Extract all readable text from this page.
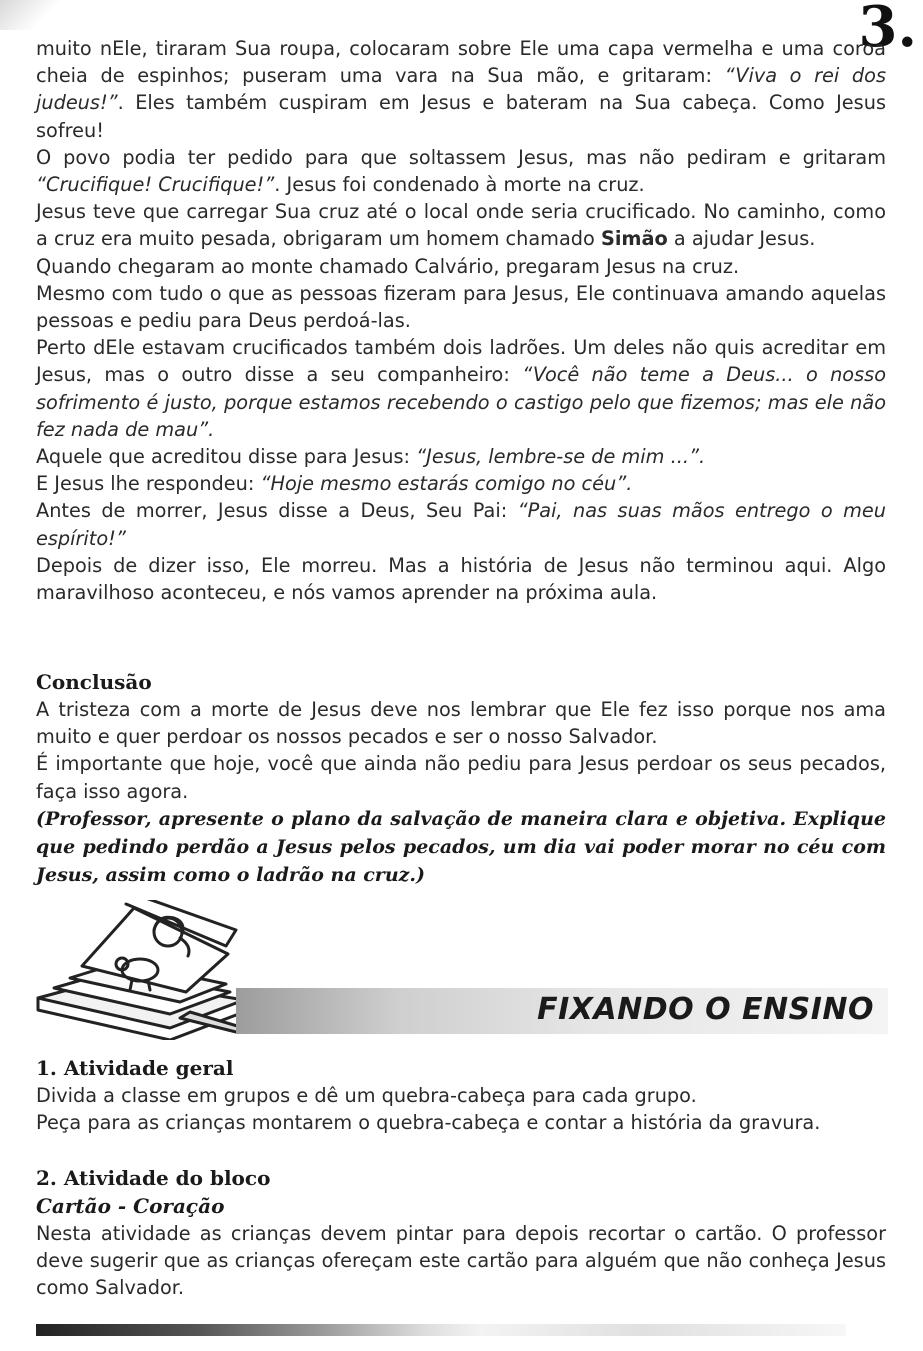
3.

muito nEle, tiraram Sua roupa, colocaram sobre Ele uma capa vermelha e uma coroa cheia de espinhos; puseram uma vara na Sua mão, e gritaram: “Viva o rei dos judeus!”. Eles também cuspiram em Jesus e bateram na Sua cabeça. Como Jesus sofreu!

O povo podia ter pedido para que soltassem Jesus, mas não pediram e gritaram “Crucifique! Crucifique!”. Jesus foi condenado à morte na cruz.

Jesus teve que carregar Sua cruz até o local onde seria crucificado. No caminho, como a cruz era muito pesada, obrigaram um homem chamado Simão a ajudar Jesus.

Quando chegaram ao monte chamado Calvário, pregaram Jesus na cruz.

Mesmo com tudo o que as pessoas fizeram para Jesus, Ele continuava amando aquelas pessoas e pediu para Deus perdoá-las.

Perto dEle estavam crucificados também dois ladrões. Um deles não quis acreditar em Jesus, mas o outro disse a seu companheiro: “Você não teme a Deus... o nosso sofrimento é justo, porque estamos recebendo o castigo pelo que fizemos; mas ele não fez nada de mau”.

Aquele que acreditou disse para Jesus: “Jesus, lembre-se de mim ...”.

E Jesus lhe respondeu: “Hoje mesmo estarás comigo no céu”.

Antes de morrer, Jesus disse a Deus, Seu Pai: “Pai, nas suas mãos entrego o meu espírito!”

Depois de dizer isso, Ele morreu. Mas a história de Jesus não terminou aqui. Algo maravilhoso aconteceu, e nós vamos aprender na próxima aula.

Conclusão

A tristeza com a morte de Jesus deve nos lembrar que Ele fez isso porque nos ama muito e quer perdoar os nossos pecados e ser o nosso Salvador.

É importante que hoje, você que ainda não pediu para Jesus perdoar os seus pecados, faça isso agora.

(Professor, apresente o plano da salvação de maneira clara e objetiva. Explique que pedindo perdão a Jesus pelos pecados, um dia vai poder morar no céu com Jesus, assim como o ladrão na cruz.)

FIXANDO O ENSINO
1. Atividade geral

Divida a classe em grupos e dê um quebra-cabeça para cada grupo.

Peça para as crianças montarem o quebra-cabeça e contar a história da gravura.

2. Atividade do bloco
Cartão - Coração

Nesta atividade as crianças devem pintar para depois recortar o cartão. O professor deve sugerir que as crianças ofereçam este cartão para alguém que não conheça Jesus como Salvador.
